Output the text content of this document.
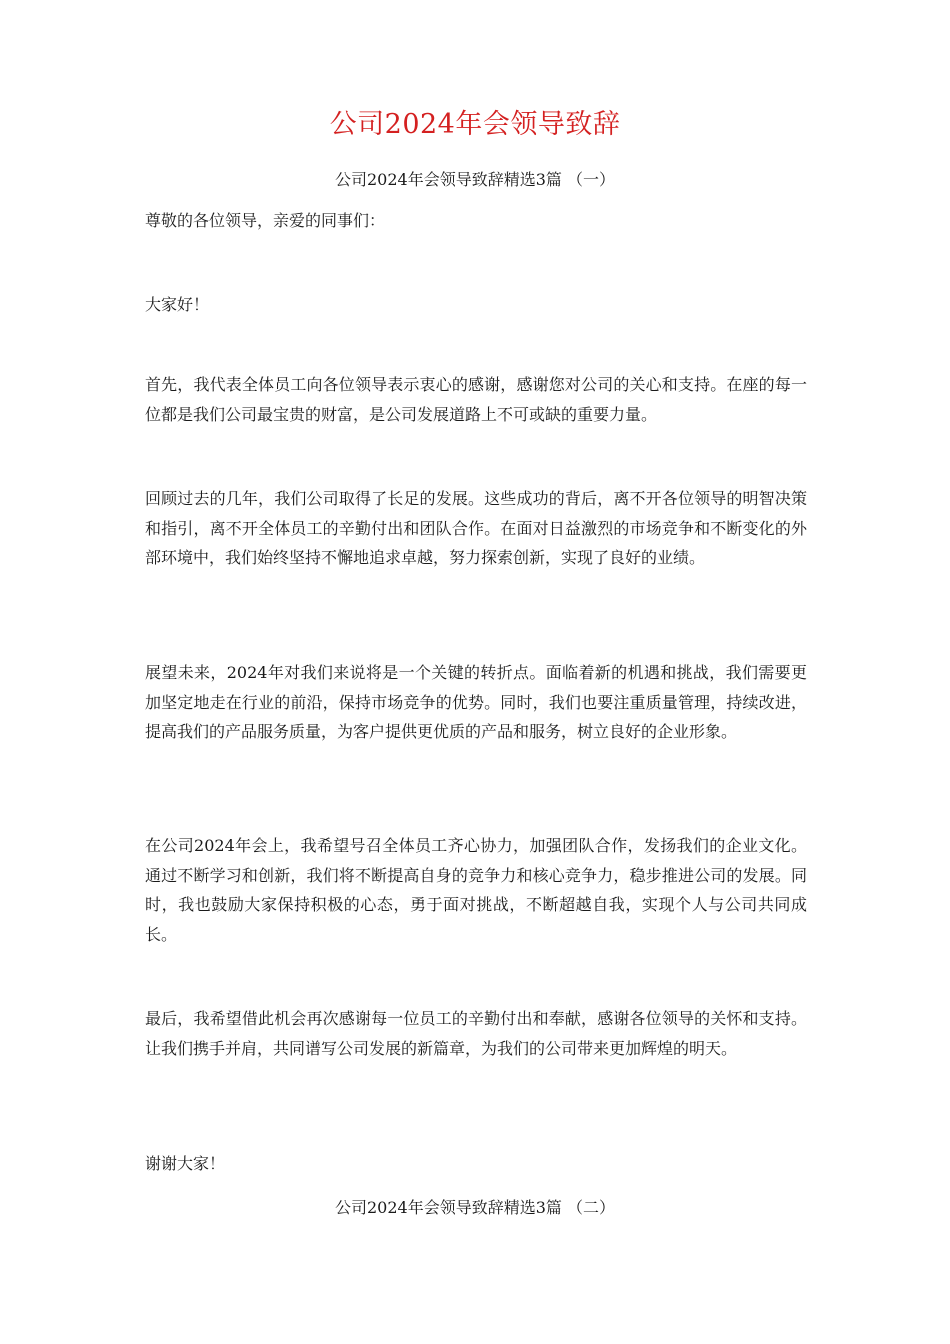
公司2024年会领导致辞
公司2024年会领导致辞精选3篇 （一）

尊敬的各位领导，亲爱的同事们：

大家好！

首先，我代表全体员工向各位领导表示衷心的感谢，感谢您对公司的关心和支持。在座的每一位都是我们公司最宝贵的财富，是公司发展道路上不可或缺的重要力量。

回顾过去的几年，我们公司取得了长足的发展。这些成功的背后，离不开各位领导的明智决策和指引，离不开全体员工的辛勤付出和团队合作。在面对日益激烈的市场竞争和不断变化的外部环境中，我们始终坚持不懈地追求卓越，努力探索创新，实现了良好的业绩。

展望未来，2024年对我们来说将是一个关键的转折点。面临着新的机遇和挑战，我们需要更加坚定地走在行业的前沿，保持市场竞争的优势。同时，我们也要注重质量管理，持续改进，提高我们的产品服务质量，为客户提供更优质的产品和服务，树立良好的企业形象。

在公司2024年会上，我希望号召全体员工齐心协力，加强团队合作，发扬我们的企业文化。通过不断学习和创新，我们将不断提高自身的竞争力和核心竞争力，稳步推进公司的发展。同时，我也鼓励大家保持积极的心态，勇于面对挑战，不断超越自我，实现个人与公司共同成长。

最后，我希望借此机会再次感谢每一位员工的辛勤付出和奉献，感谢各位领导的关怀和支持。让我们携手并肩，共同谱写公司发展的新篇章，为我们的公司带来更加辉煌的明天。

谢谢大家！

公司2024年会领导致辞精选3篇 （二）
